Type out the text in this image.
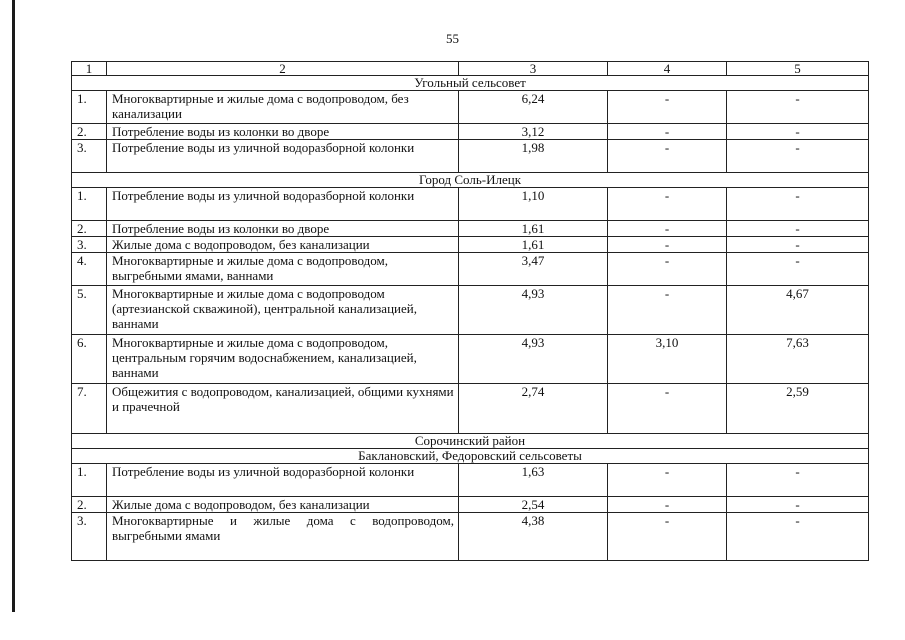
55
1	2	3	4	5
Угольный сельсовет				
1.	Многоквартирные и жилые дома с водопроводом, без канализации	6,24	-	-
2.	Потребление воды из колонки во дворе	3,12	-	-
3.	Потребление воды из уличной водоразборной колонки	1,98	-	-
Город Соль-Илецк				
1.	Потребление воды из уличной водоразборной колонки	1,10	-	-
2.	Потребление воды из колонки во дворе	1,61	-	-
3.	Жилые дома с водопроводом, без канализации	1,61	-	-
4.	Многоквартирные и жилые дома с водопроводом, выгребными ямами, ваннами	3,47	-	-
5.	Многоквартирные и жилые дома с водопроводом (артезианской скважиной), центральной канализацией, ваннами	4,93	-	4,67
6.	Многоквартирные и жилые дома с водопроводом, центральным горячим водоснабжением, канализацией, ваннами	4,93	3,10	7,63
7.	Общежития с водопроводом, канализацией, общими кухнями и прачечной	2,74	-	2,59
Сорочинский район				
Баклановский, Федоровский сельсоветы				
1.	Потребление воды из уличной водоразборной колонки	1,63	-	-
2.	Жилые дома с водопроводом, без канализации	2,54	-	-
3.	Многоквартирные и жилые дома с водопроводом, выгребными ямами	4,38	-	-
